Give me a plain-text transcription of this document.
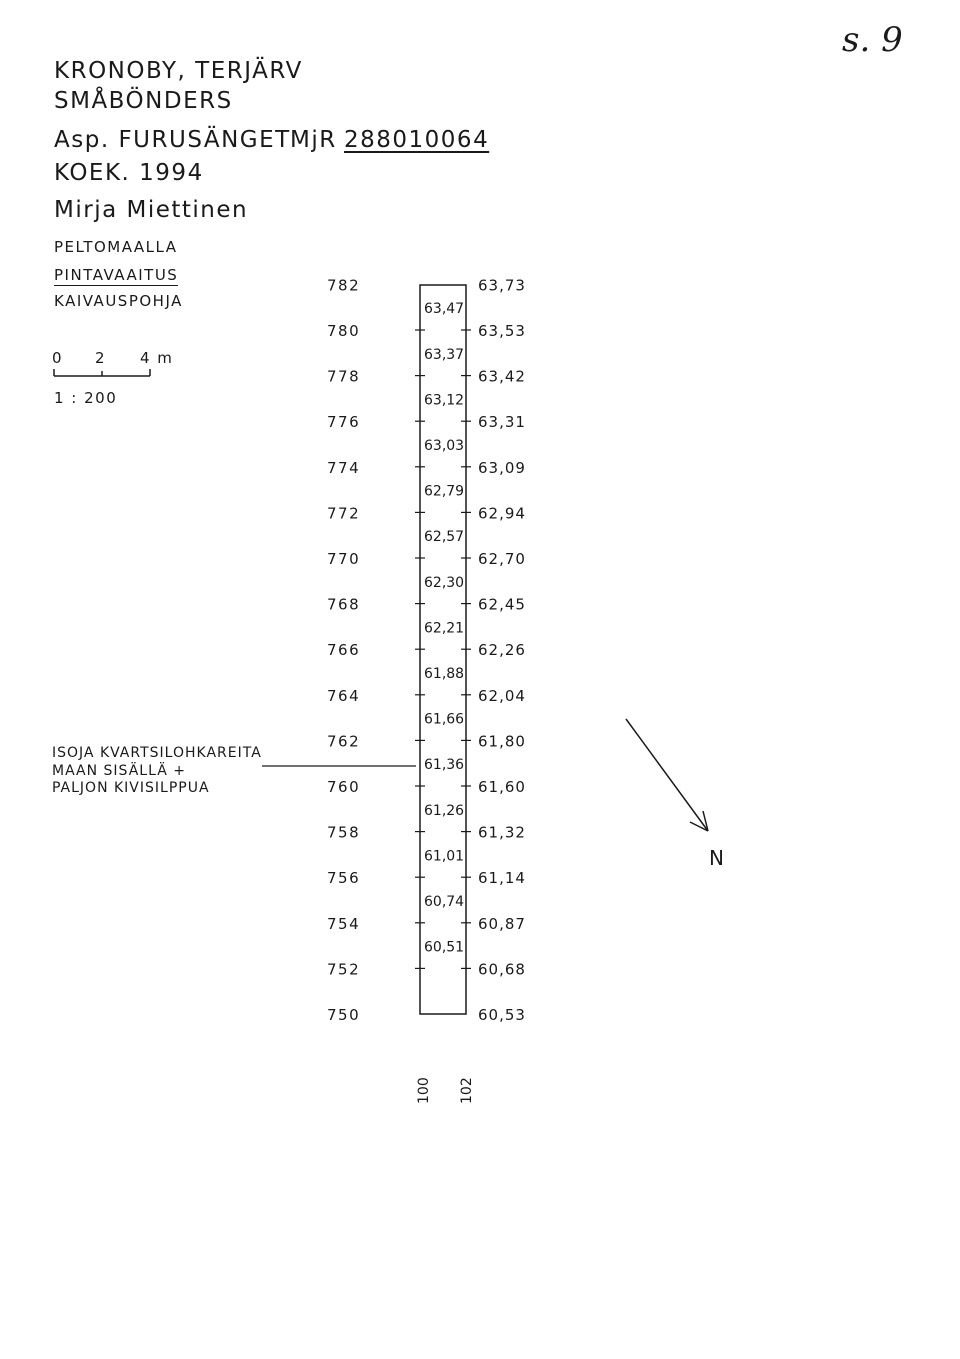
KRONOBY, TERJÄRV
SMÅBÖNDERS
Asp. FURUSÄNGET MjR 288010064
KOEK. 1994
Mirja Miettinen
PELTOMAALLA
PINTAVAAITUS
KAIVAUSPOHJA
0 2 4 m
1 : 200
ISOJA KVARTSILOHKAREITA
MAAN SISÄLLÄ +
PALJON KIVISILPPUA
s. 9
N
782
780
778
776
774
772
770
768
766
764
762
760
758
756
754
752
750
63,73
63,53
63,42
63,31
63,09
62,94
62,70
62,45
62,26
62,04
61,80
61,60
61,32
61,14
60,87
60,68
60,53
63,47
63,37
63,12
63,03
62,79
62,57
62,30
62,21
61,88
61,66
61,36
61,26
61,01
60,74
60,51
100 102
